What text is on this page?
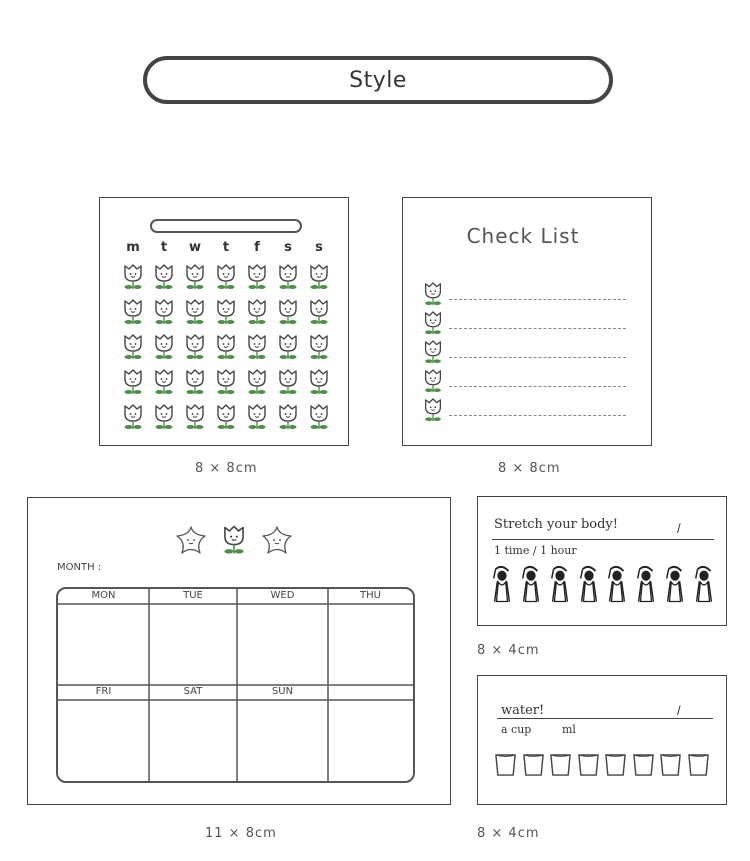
Style
m	t	w	t	f	s	s
8 × 8cm
Check List
8 × 8cm
MONTH :
MON	TUE	WED	THU
FRI	SAT	SUN
11 × 8cm
Stretch your body!	/
1 time / 1 hour
8 × 4cm
water!	/
a cup	ml
8 × 4cm
